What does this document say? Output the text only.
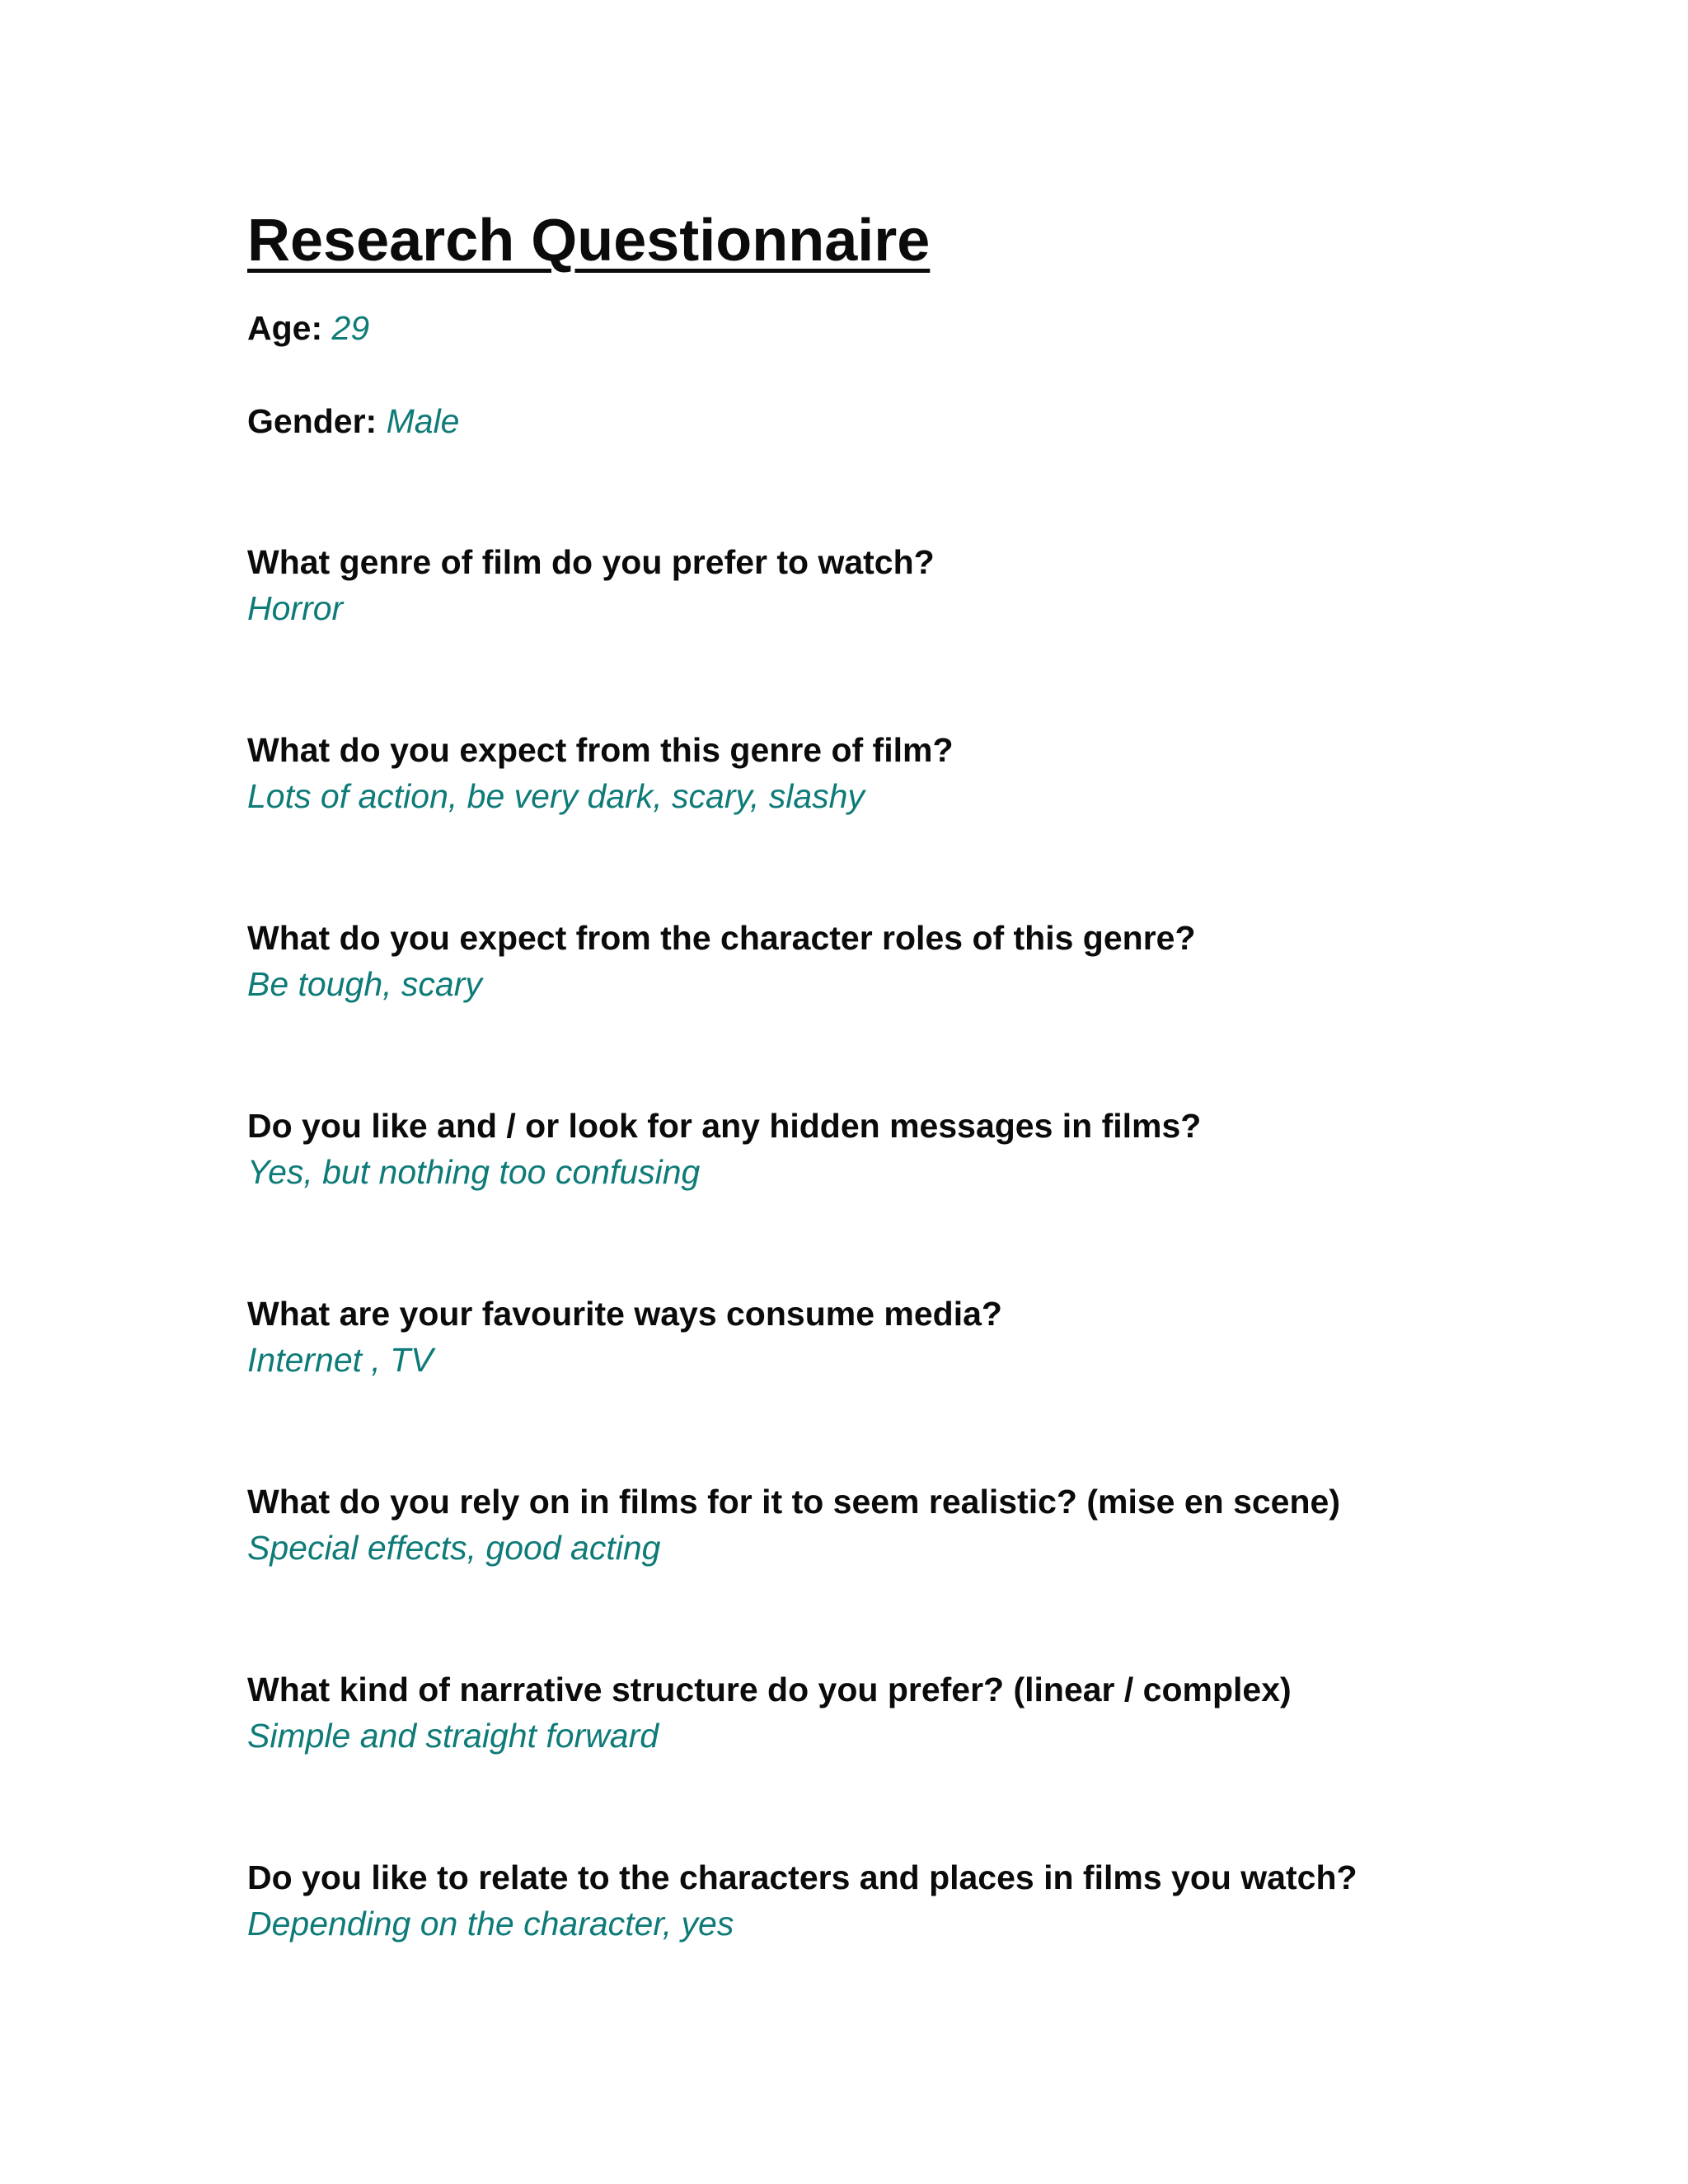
Research Questionnaire

Age: 29

Gender: Male

What genre of film do you prefer to watch?

Horror

What do you expect from this genre of film?

Lots of action, be very dark, scary, slashy

What do you expect from the character roles of this genre?

Be tough, scary

Do you like and / or look for any hidden messages in films?

Yes, but nothing too confusing

What are your favourite ways consume media?

Internet , TV

What do you rely on in films for it to seem realistic? (mise en scene)

Special effects, good acting

What kind of narrative structure do you prefer? (linear / complex)

Simple and straight forward

Do you like to relate to the characters and places in films you watch?

Depending on the character, yes
